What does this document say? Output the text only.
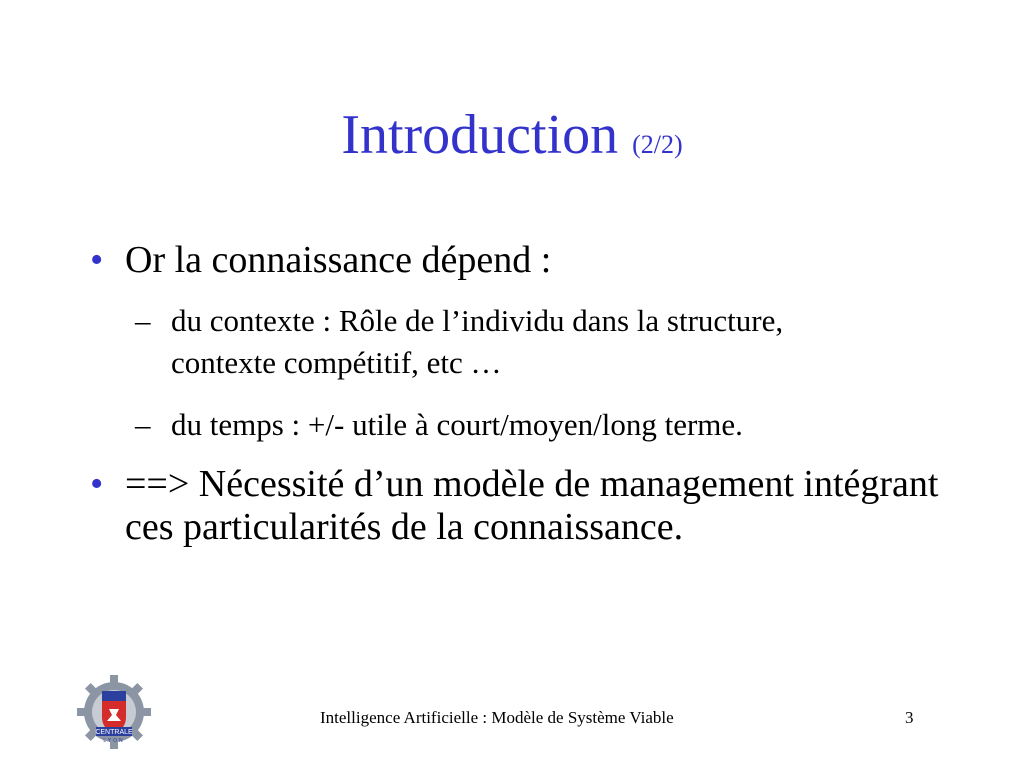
Introduction (2/2)
• Or la connaissance dépend :
– du contexte : Rôle de l’individu dans la structure, contexte compétitif, etc …
– du temps : +/- utile à court/moyen/long terme.
• ==> Nécessité d’un modèle de management intégrant ces particularités de la connaissance.
CENTRALE
LYON
Intelligence Artificielle : Modèle de Système Viable	3
